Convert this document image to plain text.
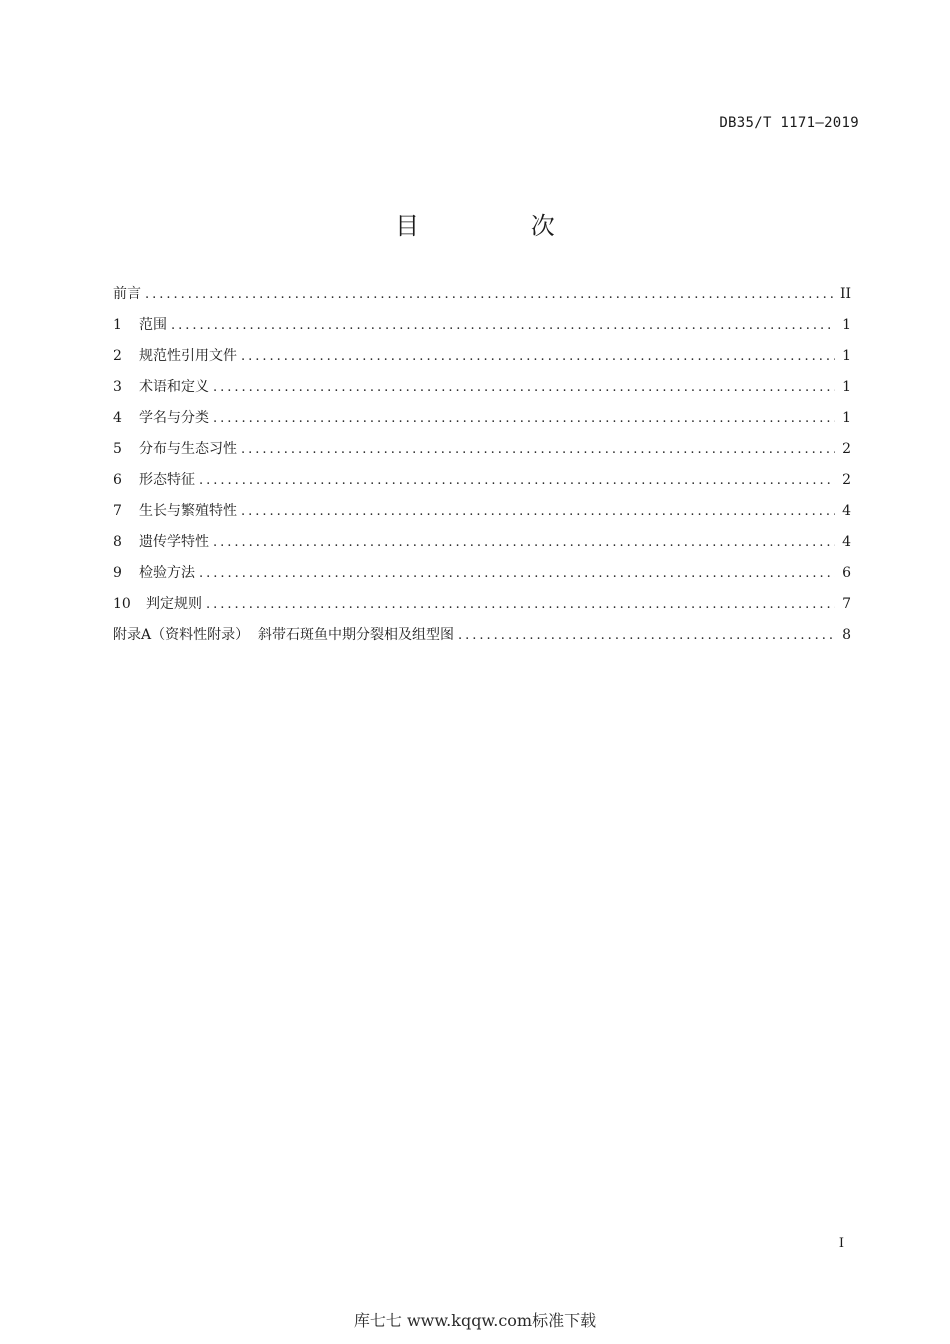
DB35/T 1171—2019
目 次
前言 .....	II
1	范围 .....	1
2	规范性引用文件 .....	1
3	术语和定义 .....	1
4	学名与分类 .....	1
5	分布与生态习性 .....	2
6	形态特征 .....	2
7	生长与繁殖特性 .....	4
8	遗传学特性 .....	4
9	检验方法 .....	6
10	判定规则 .....	7
附录A（资料性附录）  斜带石斑鱼中期分裂相及组型图 .....	8
I
库七七 www.kqqw.com标准下载
